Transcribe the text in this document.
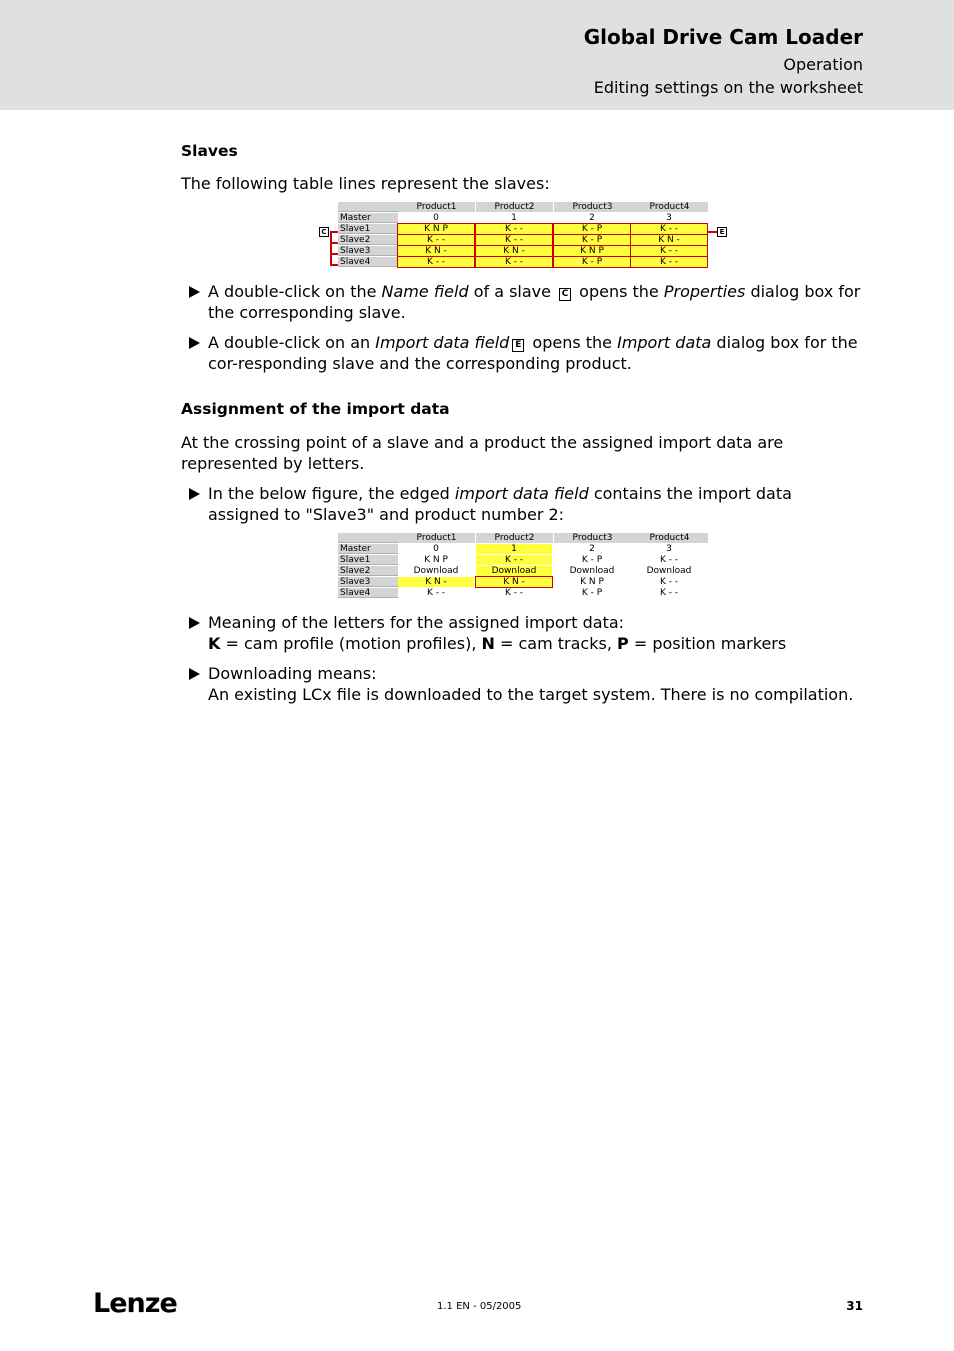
Global Drive Cam Loader
Operation
Editing settings on the worksheet
Slaves
The following table lines represent the slaves:
A double-click on the Name field of a slave C opens the Properties dialog box for the corresponding slave.
A double-click on an Import data field E opens the Import data dialog box for the cor-responding slave and the corresponding product.
Assignment of the import data
At the crossing point of a slave and a product the assigned import data are represented by letters.
In the below figure, the edged import data field contains the import data assigned to "Slave3" and product number 2:
Meaning of the letters for the assigned import data:
K = cam profile (motion profiles), N = cam tracks, P = position markers
Downloading means:
An existing LCx file is downloaded to the target system. There is no compilation.
Product1	Product2	Product3	Product4
Master	0	1	2	3
Slave1	K N P	K - -	K - P	K - -
Slave2	K - -	K - -	K - P	K N -
Slave3	K N -	K N -	K N P	K - -
Slave4	K - -	K - -	K - P	K - -
C	E
Product1	Product2	Product3	Product4
Master	0	1	2	3
Slave1	K N P	K - -	K - P	K - -
Slave2	Download	Download	Download	Download
Slave3	K N -	K N -	K N P	K - -
Slave4	K - -	K - -	K - P	K - -
Lenze	1.1 EN - 05/2005	31
